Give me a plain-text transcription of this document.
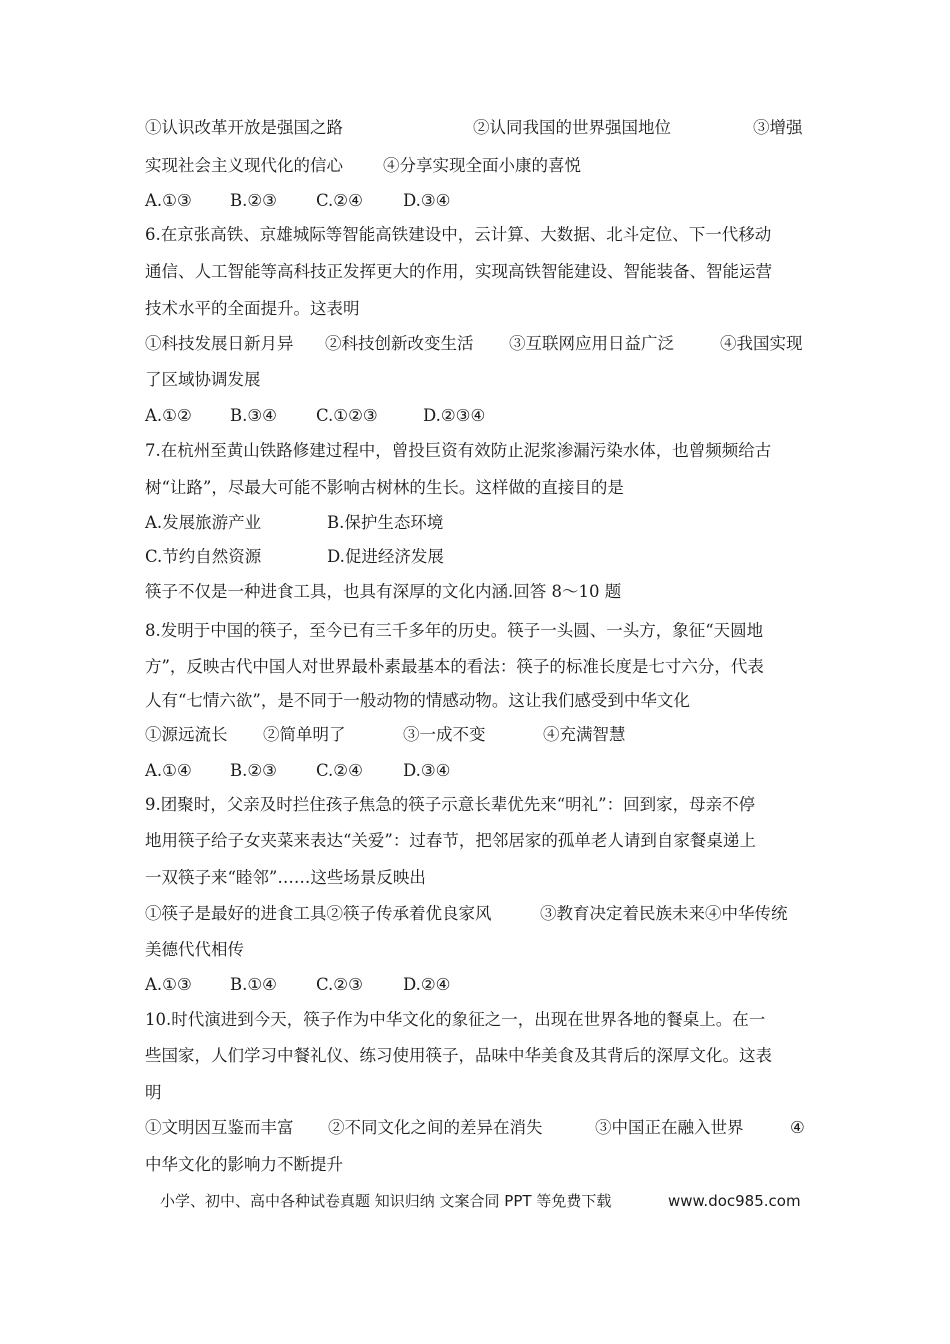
①认识改革开放是强国之路	②认同我国的世界强国地位	③增强
实现社会主义现代化的信心 ④分享实现全面小康的喜悦
A.①③ B.②③ C.②④ D.③④
6.在京张高铁、京雄城际等智能高铁建设中，云计算、大数据、北斗定位、下一代移动
通信、人工智能等高科技正发挥更大的作用，实现高铁智能建设、智能装备、智能运营
技术水平的全面提升。这表明
①科技发展日新月异 ②科技创新改变生活 ③互联网应用日益广泛	④我国实现
了区域协调发展
A.①② B.③④ C.①②③	D.②③④
7.在杭州至黄山铁路修建过程中，曾投巨资有效防止泥浆渗漏污染水体，也曾频频给古
树“让路”，尽最大可能不影响古树林的生长。这样做的直接目的是
A.发展旅游产业	B.保护生态环境
C.节约自然资源	D.促进经济发展
筷子不仅是一种进食工具，也具有深厚的文化内涵.回答 8～10 题
8.发明于中国的筷子，至今已有三千多年的历史。筷子一头圆、一头方，象征“天圆地
方”，反映古代中国人对世界最朴素最基本的看法：筷子的标准长度是七寸六分，代表
人有“七情六欲”，是不同于一般动物的情感动物。这让我们感受到中华文化
①源远流长 ②简单明了	③一成不变	④充满智慧
A.①④ B.②③ C.②④ D.③④
9.团聚时，父亲及时拦住孩子焦急的筷子示意长辈优先来“明礼”：回到家，母亲不停
地用筷子给子女夹菜来表达“关爱”：过春节，把邻居家的孤单老人请到自家餐桌递上
一双筷子来“睦邻”……这些场景反映出
①筷子是最好的进食工具②筷子传承着优良家风	③教育决定着民族未来④中华传统
美德代代相传
A.①③ B.①④ C.②③ D.②④
10.时代演进到今天，筷子作为中华文化的象征之一，出现在世界各地的餐桌上。在一
些国家，人们学习中餐礼仪、练习使用筷子，品味中华美食及其背后的深厚文化。这表
明
①文明因互鉴而丰富 ②不同文化之间的差异在消失	③中国正在融入世界	④
中华文化的影响力不断提升
小学、初中、高中各种试卷真题 知识归纳 文案合同 PPT 等免费下载	www.doc985.com
